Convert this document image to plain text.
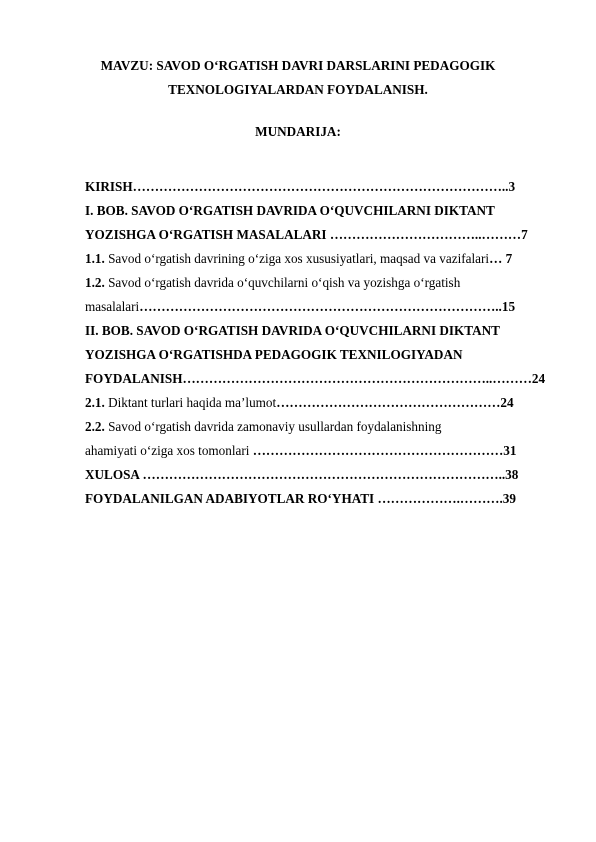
MAVZU: SAVOD O‘RGATISH DAVRI DARSLARINI PEDAGOGIK
TEXNOLOGIYALARDAN FOYDALANISH.

MUNDARIJA:

KIRISH…………………………………………………………………………..3
I. BOB. SAVOD O‘RGATISH DAVRIDA O‘QUVCHILARNI DIKTANT
YOZISHGA O‘RGATISH MASALALARI ……………………………..………7
1.1. Savod o‘rgatish davrining o‘ziga xos xususiyatlari, maqsad va vazifalari… 7
1.2. Savod o‘rgatish davrida o‘quvchilarni o‘qish va yozishga o‘rgatish
masalalari………………………………………………………………………..15
II. BOB. SAVOD O‘RGATISH DAVRIDA O‘QUVCHILARNI DIKTANT
YOZISHGA O‘RGATISHDA PEDAGOGIK TEXNILOGIYADAN
FOYDALANISH……………………………………………………………..………24
2.1. Diktant turlari haqida ma’lumot……………………………………………24
2.2. Savod o‘rgatish davrida zamonaviy usullardan foydalanishning
ahamiyati o‘ziga xos tomonlari …………………………………………………31
XULOSA ………………………………………………………………………..38
FOYDALANILGAN ADABIYOTLAR RO‘YHATI ……………….……….39
